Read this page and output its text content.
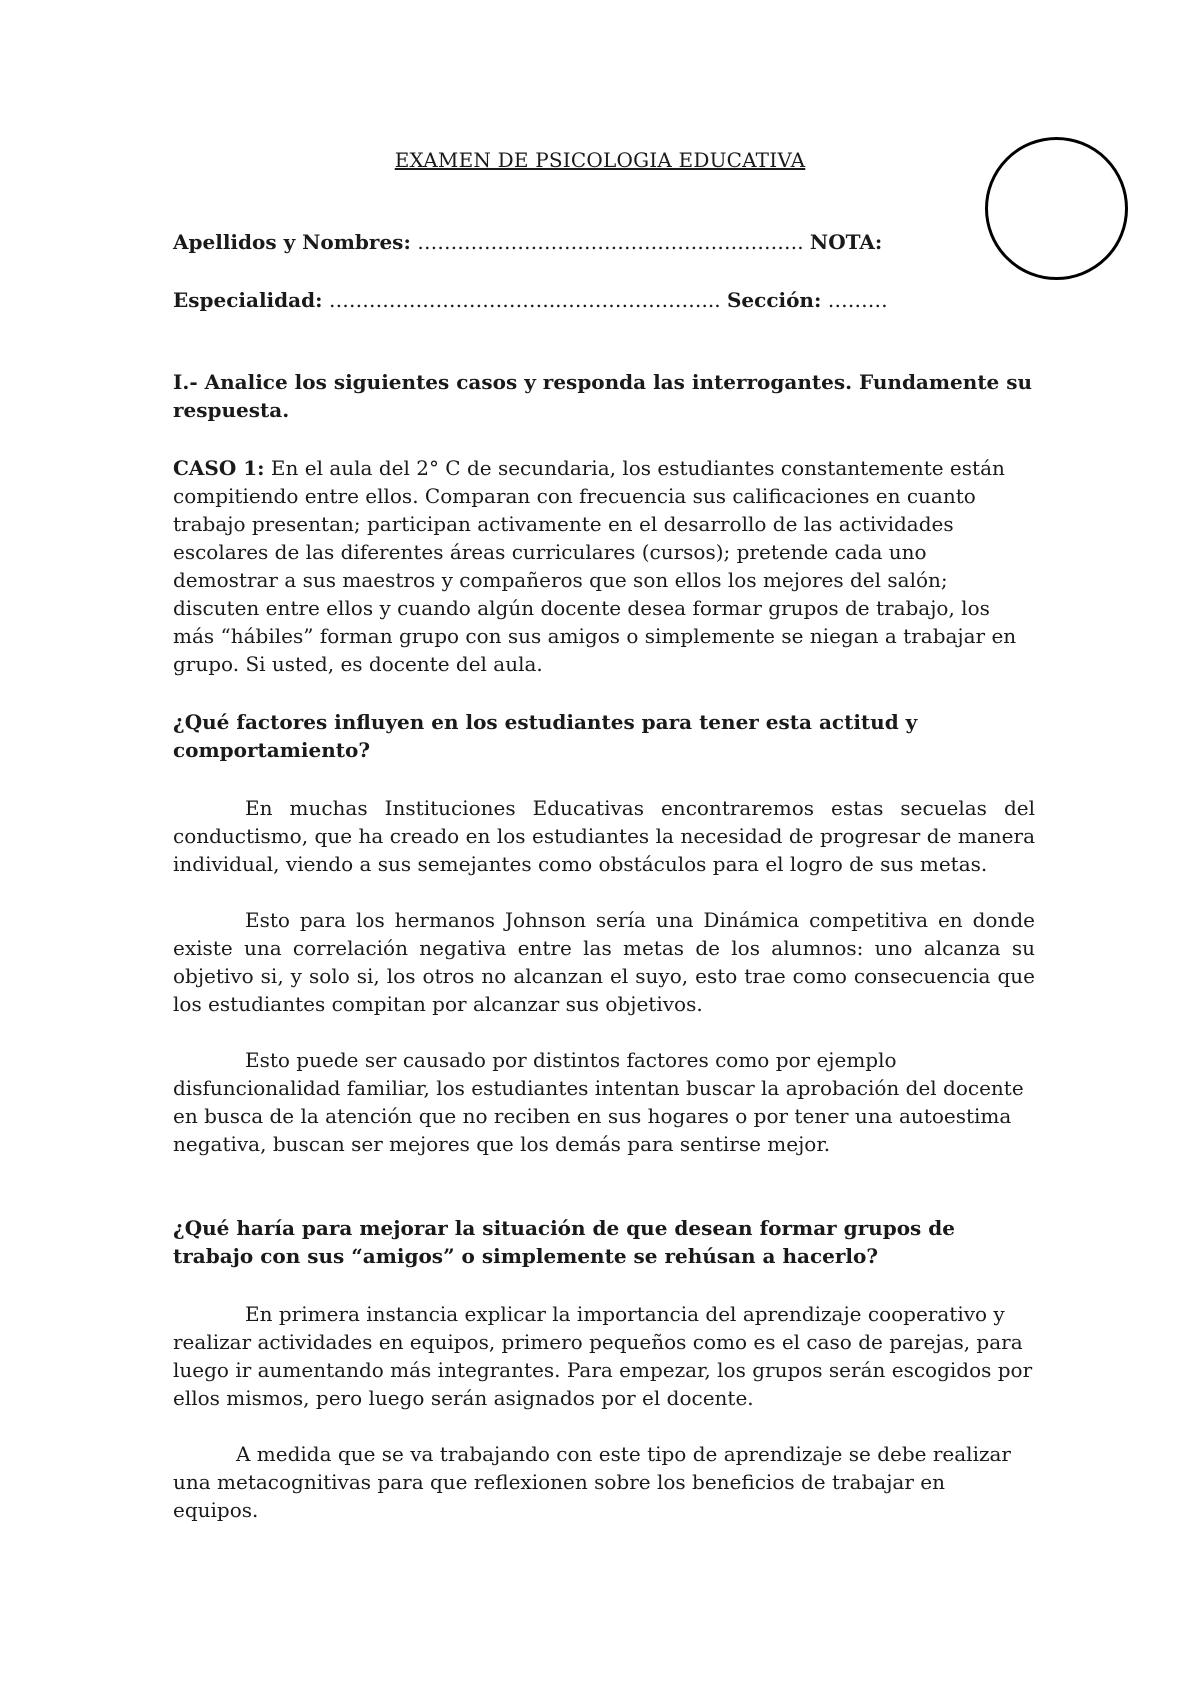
EXAMEN DE PSICOLOGIA EDUCATIVA
Apellidos y Nombres: …………………………………………………. NOTA:
Especialidad: ……………………………..…………………... Sección: ………

I.- Analice los siguientes casos y responda las interrogantes. Fundamente su respuesta.

CASO 1: En el aula del 2° C de secundaria, los estudiantes constantemente están compitiendo entre ellos. Comparan con frecuencia sus calificaciones en cuanto trabajo presentan; participan activamente en el desarrollo de las actividades escolares de las diferentes áreas curriculares (cursos); pretende cada uno demostrar a sus maestros y compañeros que son ellos los mejores del salón; discuten entre ellos y cuando algún docente desea formar grupos de trabajo, los más “hábiles” forman grupo con sus amigos o simplemente se niegan a trabajar en grupo. Si usted, es docente del aula.

¿Qué factores influyen en los estudiantes para tener esta actitud y comportamiento?

En muchas Instituciones Educativas encontraremos estas secuelas del conductismo, que ha creado en los estudiantes la necesidad de progresar de manera individual, viendo a sus semejantes como obstáculos para el logro de sus metas.

Esto para los hermanos Johnson sería una Dinámica competitiva en donde existe una correlación negativa entre las metas de los alumnos: uno alcanza su objetivo si, y solo si, los otros no alcanzan el suyo, esto trae como consecuencia que los estudiantes compitan por alcanzar sus objetivos.

Esto puede ser causado por distintos factores como por ejemplo disfuncionalidad familiar, los estudiantes intentan buscar la aprobación del docente en busca de la atención que no reciben en sus hogares o por tener una autoestima negativa, buscan ser mejores que los demás para sentirse mejor.

¿Qué haría para mejorar la situación de que desean formar grupos de trabajo con sus “amigos” o simplemente se rehúsan a hacerlo?

En primera instancia explicar la importancia del aprendizaje cooperativo y realizar actividades en equipos, primero pequeños como es el caso de parejas, para luego ir aumentando más integrantes. Para empezar, los grupos serán escogidos por ellos mismos, pero luego serán asignados por el docente.

A medida que se va trabajando con este tipo de aprendizaje se debe realizar una metacognitivas para que reflexionen sobre los beneficios de trabajar en equipos.
